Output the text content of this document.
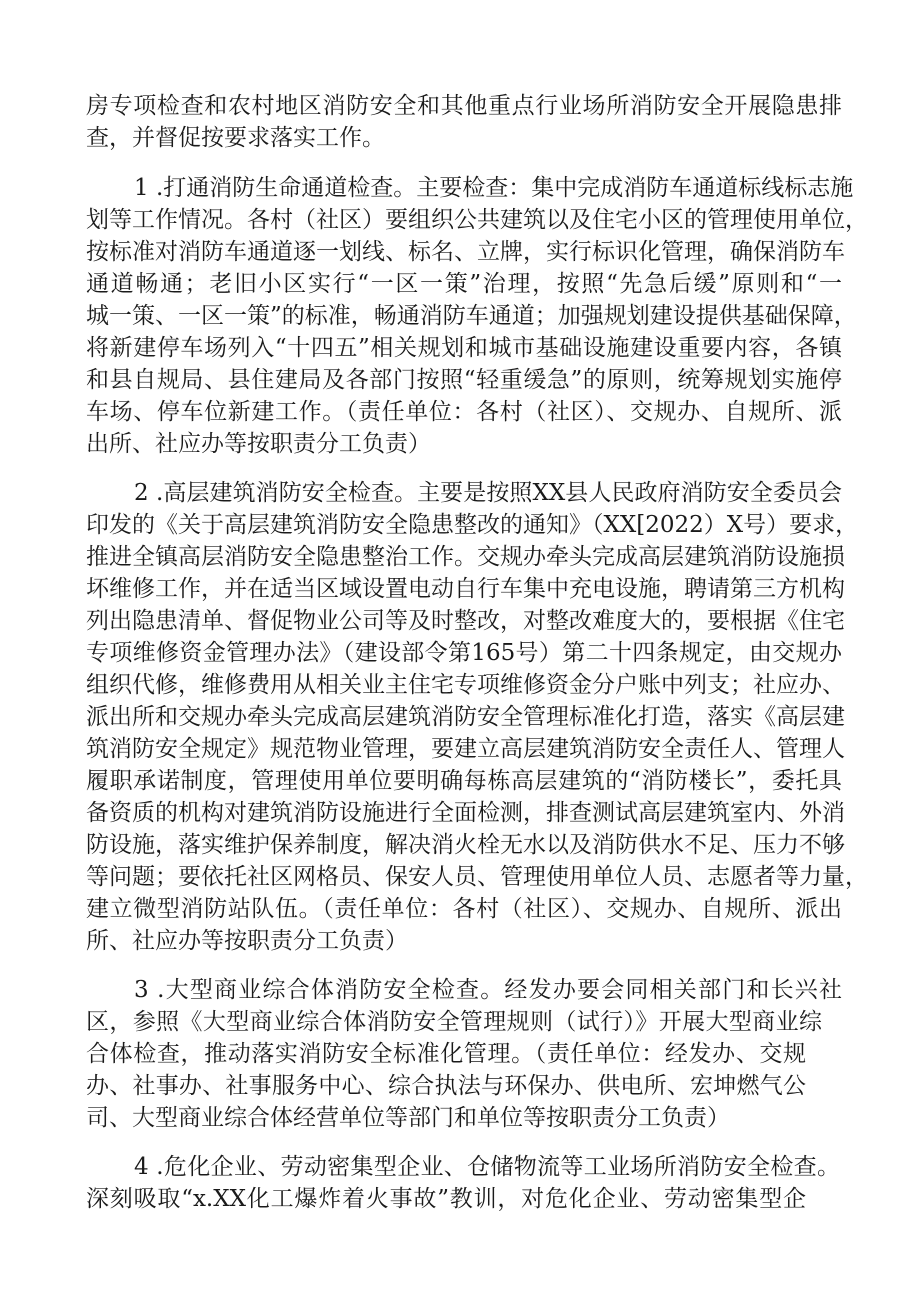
房专项检查和农村地区消防安全和其他重点行业场所消防安全开展隐患排
查，并督促按要求落实工作。
1 .打通消防生命通道检查。主要检查：集中完成消防车通道标线标志施
划等工作情况。各村（社区）要组织公共建筑以及住宅小区的管理使用单位，
按标准对消防车通道逐一划线、标名、立牌，实行标识化管理，确保消防车
通道畅通；老旧小区实行“一区一策”治理，按照“先急后缓”原则和“一
城一策、一区一策”的标准，畅通消防车通道；加强规划建设提供基础保障，
将新建停车场列入“十四五”相关规划和城市基础设施建设重要内容，各镇
和县自规局、县住建局及各部门按照“轻重缓急”的原则，统筹规划实施停
车场、停车位新建工作。（责任单位：各村（社区）、交规办、自规所、派
出所、社应办等按职责分工负责）
2 .高层建筑消防安全检查。主要是按照XX县人民政府消防安全委员会
印发的《关于高层建筑消防安全隐患整改的通知》（XX[2022）X号）要求，
推进全镇高层消防安全隐患整治工作。交规办牵头完成高层建筑消防设施损
坏维修工作，并在适当区域设置电动自行车集中充电设施，聘请第三方机构
列出隐患清单、督促物业公司等及时整改，对整改难度大的，要根据《住宅
专项维修资金管理办法》（建设部令第165号）第二十四条规定，由交规办
组织代修，维修费用从相关业主住宅专项维修资金分户账中列支；社应办、
派出所和交规办牵头完成高层建筑消防安全管理标准化打造，落实《高层建
筑消防安全规定》规范物业管理，要建立高层建筑消防安全责任人、管理人
履职承诺制度，管理使用单位要明确每栋高层建筑的“消防楼长”，委托具
备资质的机构对建筑消防设施进行全面检测，排查测试高层建筑室内、外消
防设施，落实维护保养制度，解决消火栓无水以及消防供水不足、压力不够
等问题；要依托社区网格员、保安人员、管理使用单位人员、志愿者等力量，
建立微型消防站队伍。（责任单位：各村（社区）、交规办、自规所、派出
所、社应办等按职责分工负责）
3 .大型商业综合体消防安全检查。经发办要会同相关部门和长兴社
区，参照《大型商业综合体消防安全管理规则（试行）》开展大型商业综
合体检查，推动落实消防安全标准化管理。（责任单位：经发办、交规
办、社事办、社事服务中心、综合执法与环保办、供电所、宏坤燃气公
司、大型商业综合体经营单位等部门和单位等按职责分工负责）
4 .危化企业、劳动密集型企业、仓储物流等工业场所消防安全检查。
深刻吸取“x.XX化工爆炸着火事故”教训，对危化企业、劳动密集型企
